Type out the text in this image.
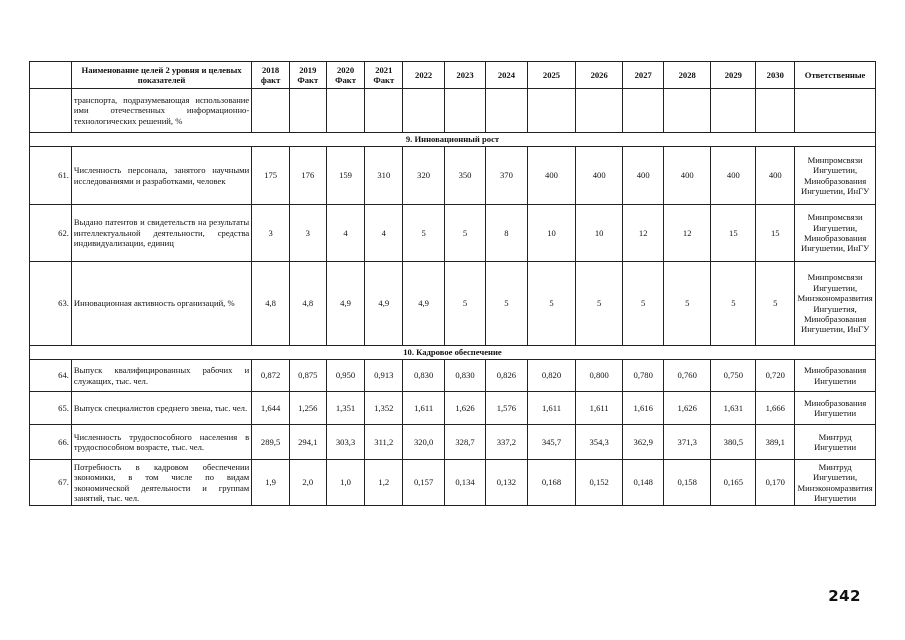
	Наименование целей 2 уровня и целевых показателей	2018 факт	2019 Факт	2020 Факт	2021 Факт	2022	2023	2024	2025	2026	2027	2028	2029	2030	Ответственные
	транспорта, подразумевающая использование ими отечественных информационно-технологических решений, %														
9. Инновационный рост															
61.	Численность персонала, занятого научными исследованиями и разработками, человек	175	176	159	310	320	350	370	400	400	400	400	400	400	Минпромсвязи Ингушетии, Минобразования Ингушетии, ИнГУ
62.	Выдано патентов и свидетельств на результаты интеллектуальной деятельности, средства индивидуализации, единиц	3	3	4	4	5	5	8	10	10	12	12	15	15	Минпромсвязи Ингушетии, Минобразования Ингушетии, ИнГУ
63.	Инновационная активность организаций, %	4,8	4,8	4,9	4,9	4,9	5	5	5	5	5	5	5	5	Минпромсвязи Ингушетии, Минэкономразвития Ингушетия, Минобразования Ингушетии, ИнГУ
10. Кадровое обеспечение															
64.	Выпуск квалифицированных рабочих и служащих, тыс. чел.	0,872	0,875	0,950	0,913	0,830	0,830	0,826	0,820	0,800	0,780	0,760	0,750	0,720	Минобразования Ингушетии
65.	Выпуск специалистов среднего звена, тыс. чел.	1,644	1,256	1,351	1,352	1,611	1,626	1,576	1,611	1,611	1,616	1,626	1,631	1,666	Минобразования Ингушетии
66.	Численность трудоспособного населения в трудоспособном возрасте, тыс. чел.	289,5	294,1	303,3	311,2	320,0	328,7	337,2	345,7	354,3	362,9	371,3	380,5	389,1	Минтруд Ингушетии
67.	Потребность в кадровом обеспечении экономики, в том числе по видам экономической деятельности и группам занятий, тыс. чел.	1,9	2,0	1,0	1,2	0,157	0,134	0,132	0,168	0,152	0,148	0,158	0,165	0,170	Минтруд Ингушетии, Минэкономразвития Ингушетии
242
